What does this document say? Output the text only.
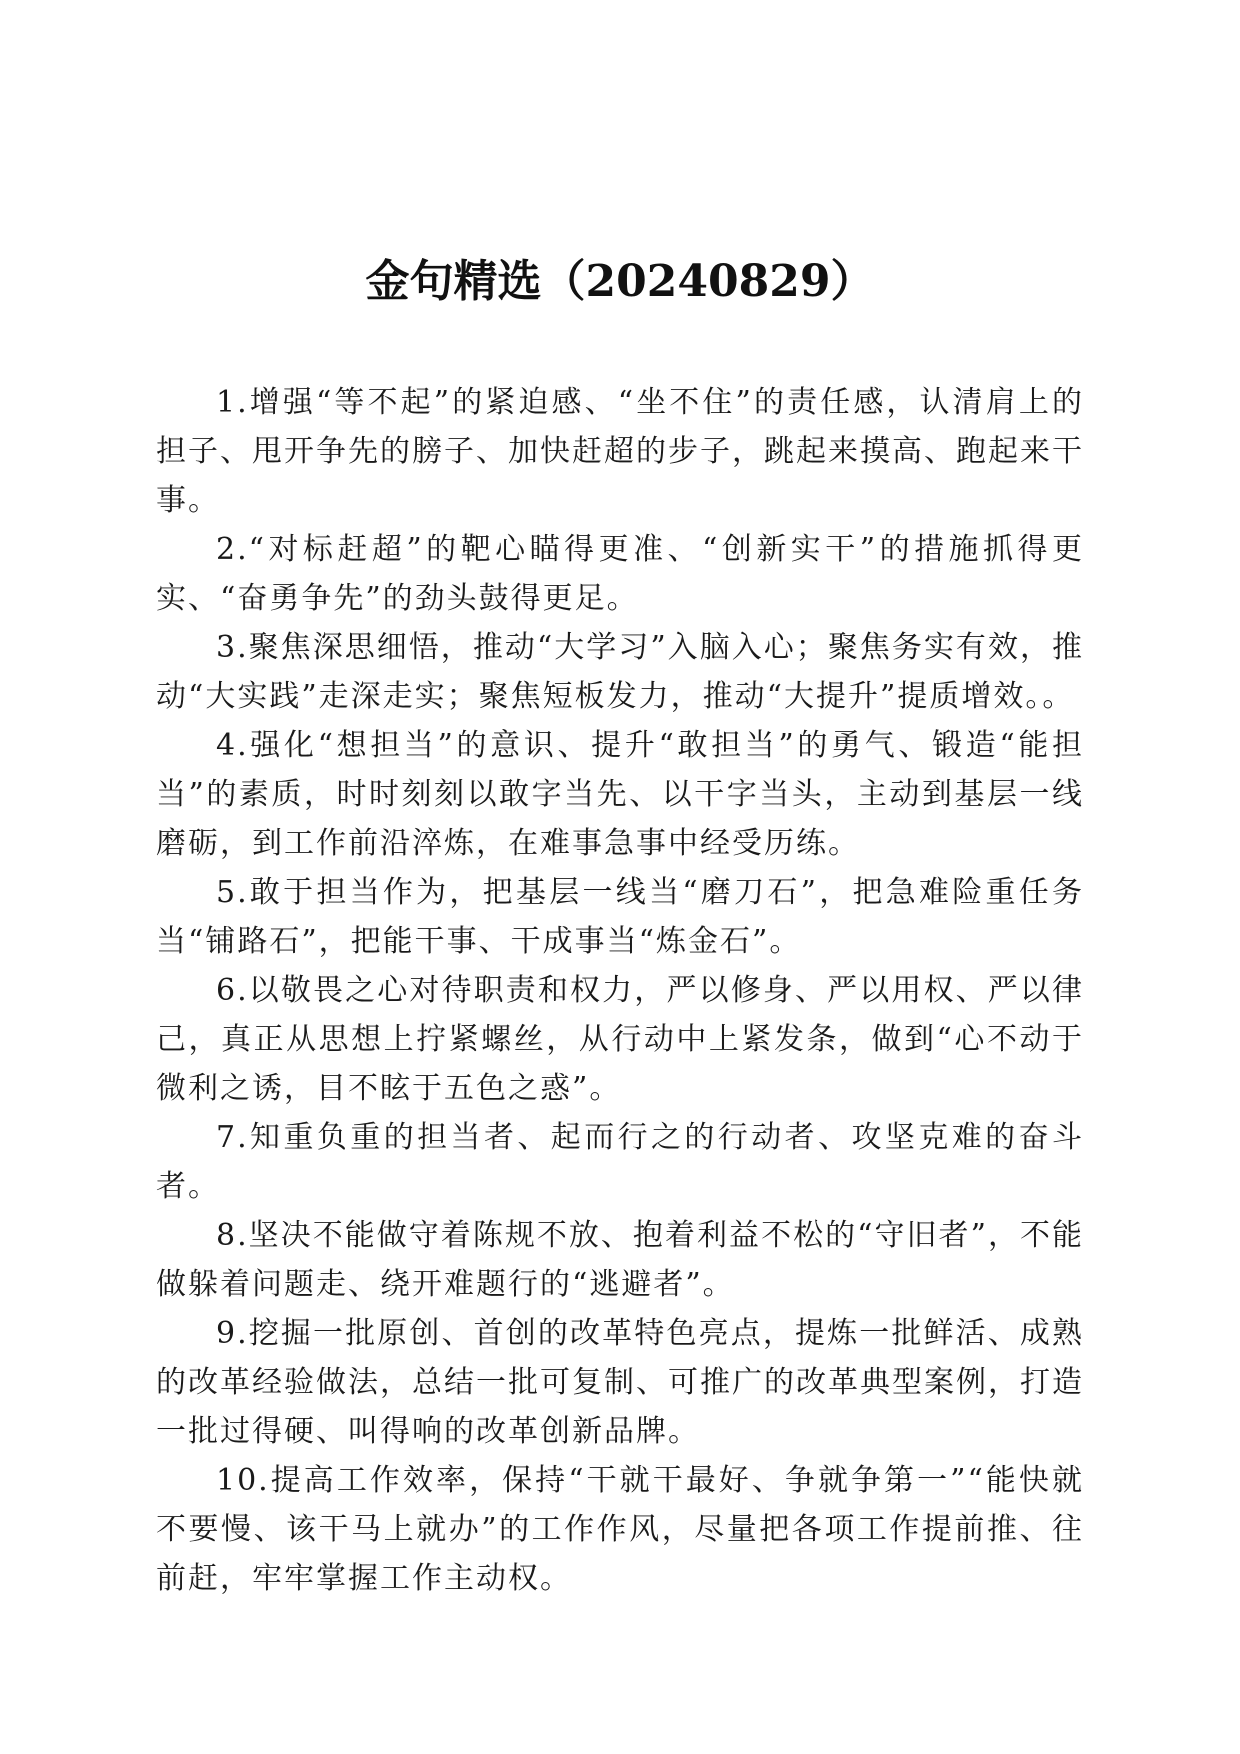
金句精选（20240829）

1.增强“等不起”的紧迫感、“坐不住”的责任感，认清肩上的担子、甩开争先的膀子、加快赶超的步子，跳起来摸高、跑起来干事。

2.“对标赶超”的靶心瞄得更准、“创新实干”的措施抓得更实、“奋勇争先”的劲头鼓得更足。

3.聚焦深思细悟，推动“大学习”入脑入心；聚焦务实有效，推动“大实践”走深走实；聚焦短板发力，推动“大提升”提质增效。。

4.强化“想担当”的意识、提升“敢担当”的勇气、锻造“能担当”的素质，时时刻刻以敢字当先、以干字当头，主动到基层一线磨砺，到工作前沿淬炼，在难事急事中经受历练。

5.敢于担当作为，把基层一线当“磨刀石”，把急难险重任务当“铺路石”，把能干事、干成事当“炼金石”。

6.以敬畏之心对待职责和权力，严以修身、严以用权、严以律己，真正从思想上拧紧螺丝，从行动中上紧发条，做到“心不动于微利之诱，目不眩于五色之惑”。

7.知重负重的担当者、起而行之的行动者、攻坚克难的奋斗者。

8.坚决不能做守着陈规不放、抱着利益不松的“守旧者”，不能做躲着问题走、绕开难题行的“逃避者”。

9.挖掘一批原创、首创的改革特色亮点，提炼一批鲜活、成熟的改革经验做法，总结一批可复制、可推广的改革典型案例，打造一批过得硬、叫得响的改革创新品牌。

10.提高工作效率，保持“干就干最好、争就争第一”“能快就不要慢、该干马上就办”的工作作风，尽量把各项工作提前推、往前赶，牢牢掌握工作主动权。
